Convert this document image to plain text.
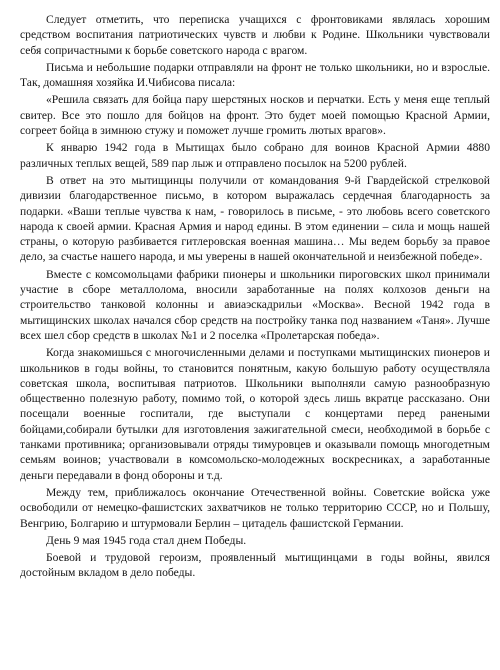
Следует отметить, что переписка учащихся с фронтовиками являлась хорошим средством воспитания патриотических чувств и любви к Родине. Школьники чувствовали себя сопричастными к борьбе советского народа с врагом.

Письма и небольшие подарки отправляли на фронт не только школьники, но и взрослые. Так, домашняя хозяйка И.Чибисова писала:

«Решила связать для бойца пару шерстяных носков и перчатки. Есть у меня еще теплый свитер. Все это пошло для бойцов на фронт. Это будет моей помощью Красной Армии, согреет бойца в зимнюю стужу и поможет лучше громить лютых врагов».

К январю 1942 года в Мытищах было собрано для воинов Красной Армии 4880 различных теплых вещей, 589 пар лыж и отправлено посылок на 5200 рублей.

В ответ на это мытищинцы получили от командования 9-й Гвардейской стрелковой дивизии благодарственное письмо, в котором выражалась сердечная благодарность за подарки. «Ваши теплые чувства к нам, - говорилось в письме, - это любовь всего советского народа к своей армии. Красная Армия и народ едины. В этом единении – сила и мощь нашей страны, о которую разбивается гитлеровская военная машина… Мы ведем борьбу за правое дело, за счастье нашего народа, и мы уверены в нашей окончательной и неизбежной победе».

Вместе с комсомольцами фабрики пионеры и школьники пироговских школ принимали участие в сборе металлолома, вносили заработанные на полях колхозов деньги на строительство танковой колонны и авиаэскадрильи «Москва». Весной 1942 года в мытищинских школах начался сбор средств на постройку танка под названием «Таня». Лучше всех шел сбор средств в школах №1 и 2 поселка «Пролетарская победа».

Когда знакомишься с многочисленными делами и поступками мытищинских пионеров и школьников в годы войны, то становится понятным, какую большую работу осуществляла советская школа, воспитывая патриотов. Школьники выполняли самую разнообразную общественно полезную работу, помимо той, о которой здесь лишь вкратце рассказано. Они посещали военные госпитали, где выступали с концертами перед ранеными бойцами,собирали бутылки для изготовления зажигательной смеси, необходимой в борьбе с танками противника; организовывали отряды тимуровцев и оказывали помощь многодетным семьям воинов; участвовали в комсомольско-молодежных воскресниках, а заработанные деньги передавали в фонд обороны и т.д.

Между тем, приближалось окончание Отечественной войны. Советские войска уже освободили от немецко-фашистских захватчиков не только территорию СССР, но и Польшу, Венгрию, Болгарию и штурмовали Берлин – цитадель фашистской Германии.

День 9 мая 1945 года стал днем Победы.

Боевой и трудовой героизм, проявленный мытищинцами в годы войны, явился достойным вкладом в дело победы.
